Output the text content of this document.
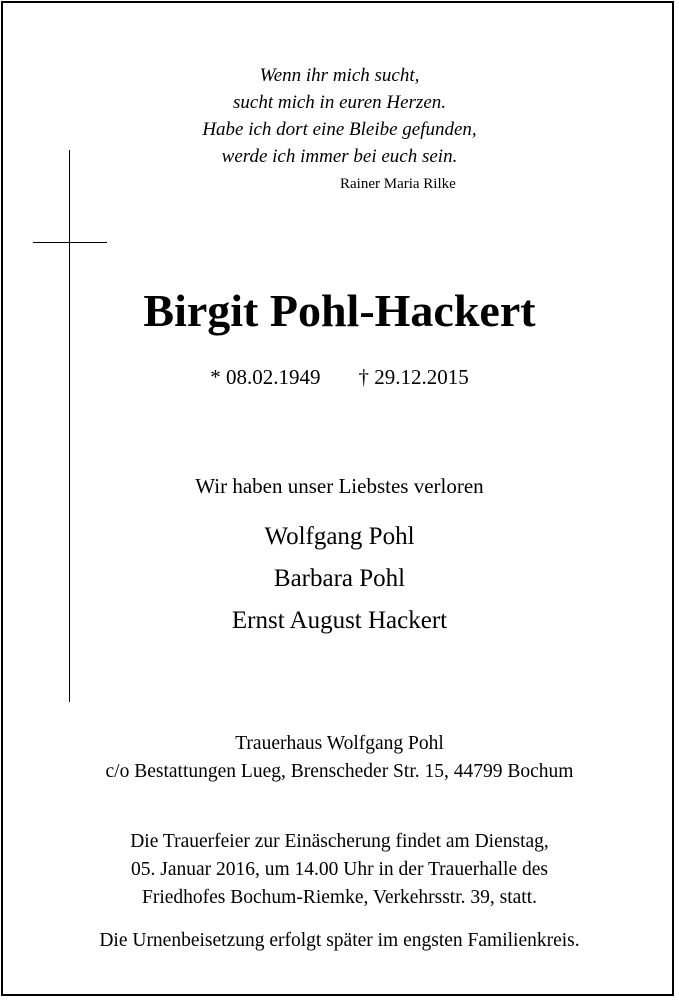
Wenn ihr mich sucht,
sucht mich in euren Herzen.
Habe ich dort eine Bleibe gefunden,
werde ich immer bei euch sein.
Rainer Maria Rilke
Birgit Pohl-Hackert
* 08.02.1949 † 29.12.2015
Wir haben unser Liebstes verloren
Wolfgang Pohl
Barbara Pohl
Ernst August Hackert
Trauerhaus Wolfgang Pohl
c/o Bestattungen Lueg, Brenscheder Str. 15, 44799 Bochum
Die Trauerfeier zur Einäscherung findet am Dienstag,
05. Januar 2016, um 14.00 Uhr in der Trauerhalle des
Friedhofes Bochum-Riemke, Verkehrsstr. 39, statt.
Die Urnenbeisetzung erfolgt später im engsten Familienkreis.
